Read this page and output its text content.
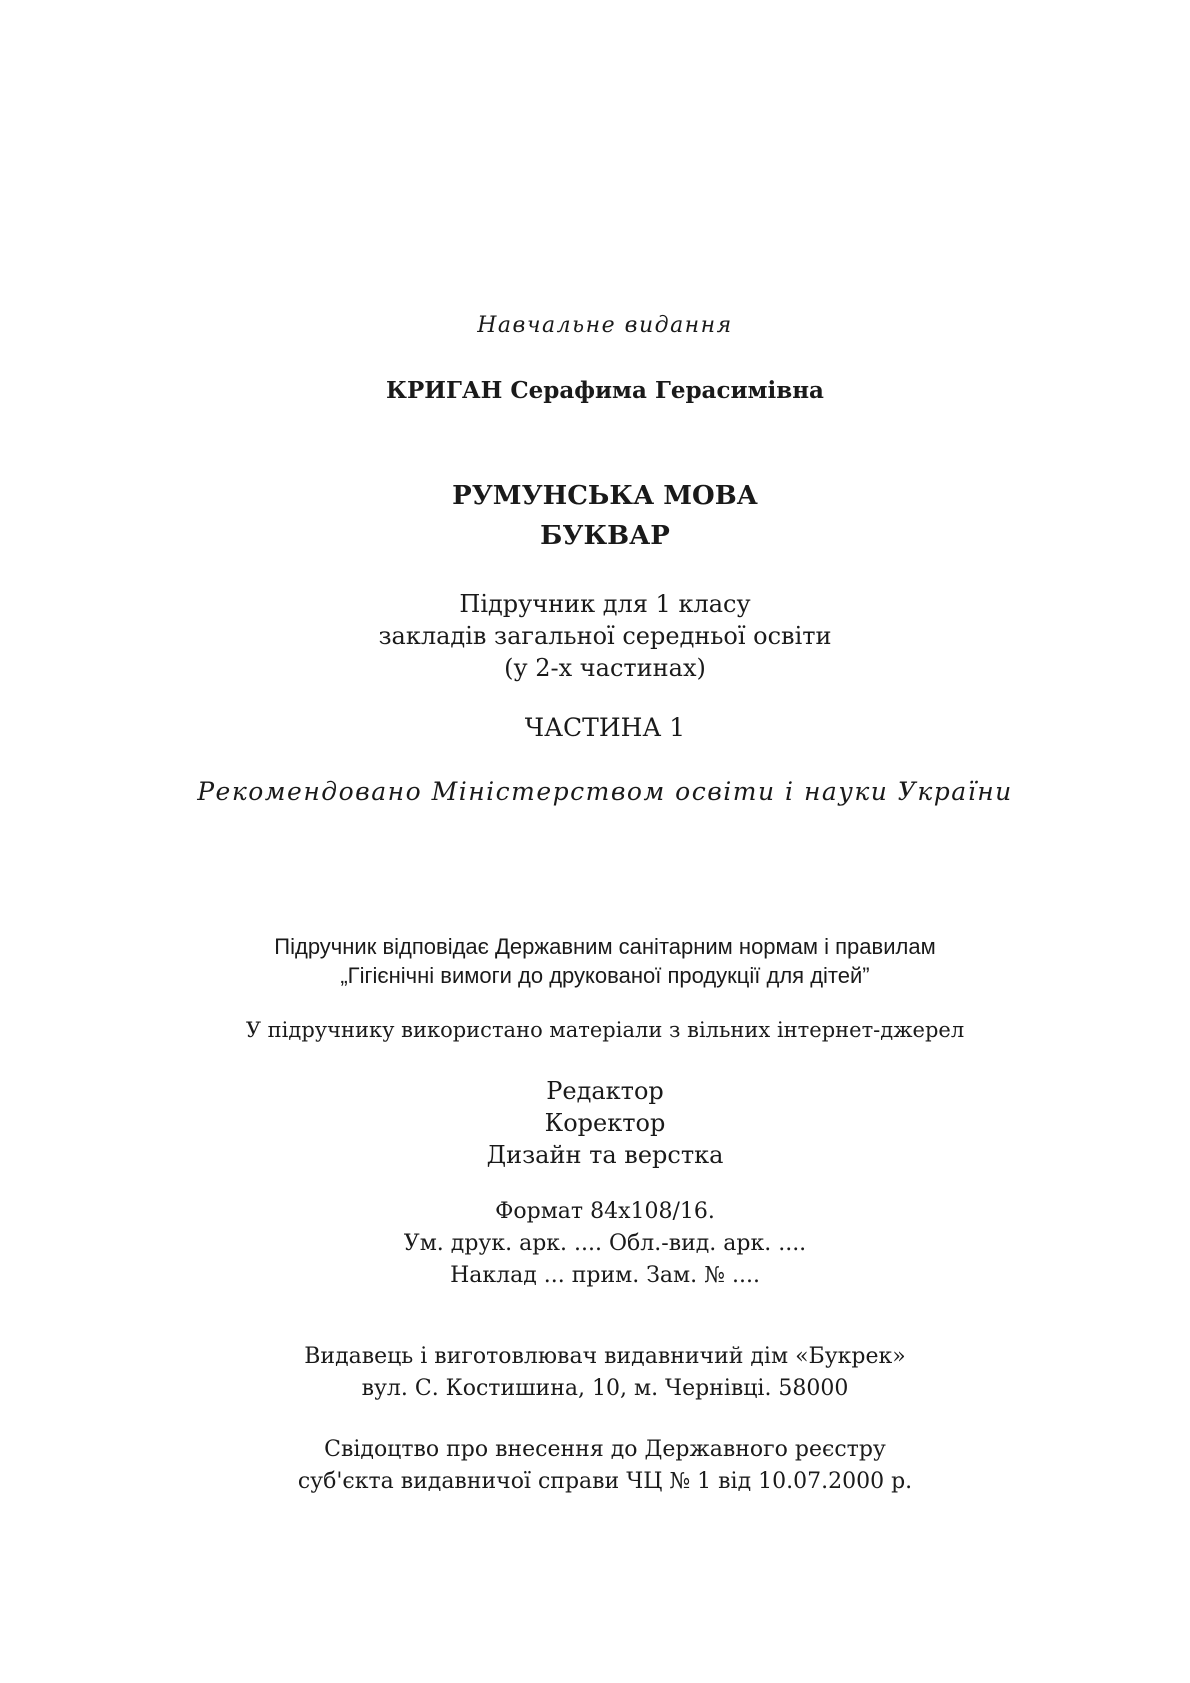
Навчальне видання
КРИГАН Серафима Герасимівна
РУМУНСЬКА МОВА
БУКВАР
Підручник для 1 класу
закладів загальної середньої освіти
(у 2-х частинах)
ЧАСТИНА 1
Рекомендовано Міністерством освіти і науки України
Підручник відповідає Державним санітарним нормам і правилам
„Гігієнічні вимоги до друкованої продукції для дітей”
У підручнику використано матеріали з вільних інтернет-джерел
Редактор
Коректор
Дизайн та верстка
Формат 84х108/16.
Ум. друк. арк. .... Обл.-вид. арк. ....
Наклад ... прим. Зам. № ....
Видавець і виготовлювач видавничий дім «Букрек»
вул. С. Костишина, 10, м. Чернівці. 58000
Свідоцтво про внесення до Державного реєстру
суб'єкта видавничої справи ЧЦ № 1 від 10.07.2000 р.
